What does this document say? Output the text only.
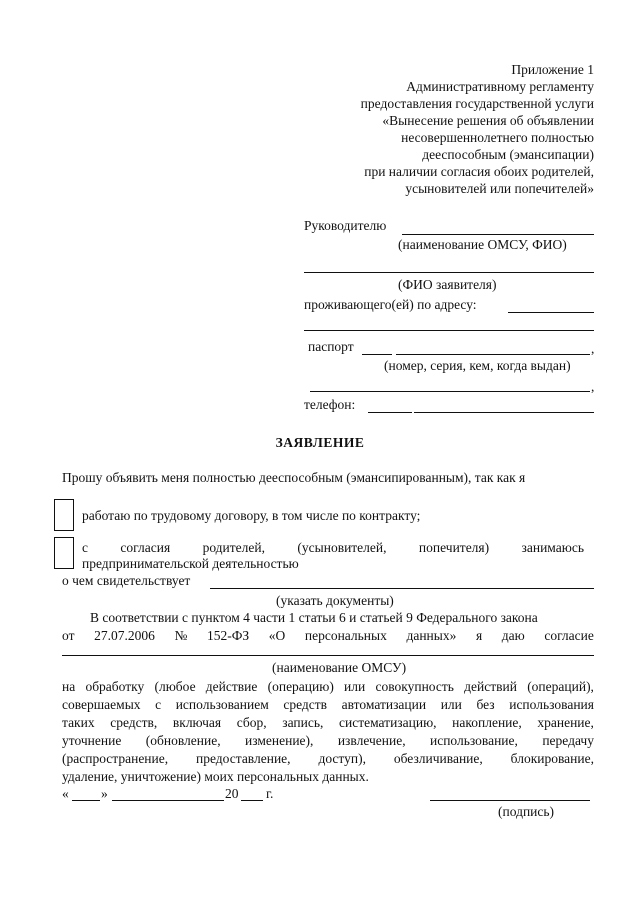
Приложение 1
Административному регламенту
предоставления государственной услуги
«Вынесение решения об объявлении
несовершеннолетнего полностью
дееспособным (эмансипации)
при наличии согласия обоих родителей,
усыновителей или попечителей»
Руководителю
(наименование ОМСУ, ФИО)
(ФИО заявителя)
проживающего(ей) по адресу:
паспорт	,
(номер, серия, кем, когда выдан)
,
телефон:
ЗАЯВЛЕНИЕ
Прошу объявить меня полностью дееспособным (эмансипированным), так как я
работаю по трудовому договору, в том числе по контракту;
с согласия родителей, (усыновителей, попечителя) занимаюсь
предпринимательской деятельностью
о чем свидетельствует
(указать документы)
В соответствии с пунктом 4 части 1 статьи 6 и статьей 9 Федерального закона
от 27.07.2006 № 152-ФЗ «О персональных данных» я даю согласие
(наименование ОМСУ)
на обработку (любое действие (операцию) или совокупность действий (операций),
совершаемых с использованием средств автоматизации или без использования
таких средств, включая сбор, запись, систематизацию, накопление, хранение,
уточнение (обновление, изменение), извлечение, использование, передачу
(распространение, предоставление, доступ), обезличивание, блокирование,
удаление, уничтожение) моих персональных данных.
« »	20 г.
(подпись)
